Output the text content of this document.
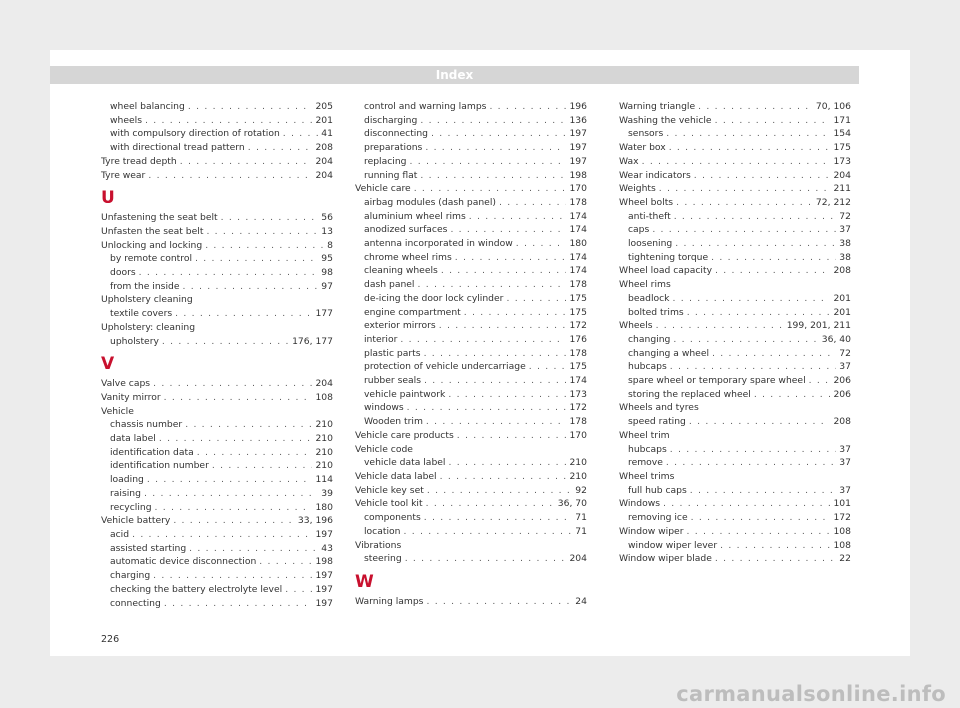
Index
wheel balancing . . .	205
wheels . . .	201
with compulsory direction of rotation . . .	41
with directional tread pattern . . .	208
Tyre tread depth . . .	204
Tyre wear . . .	204
U
Unfastening the seat belt . . .	56
Unfasten the seat belt . . .	13
Unlocking and locking . . .	8
by remote control . . .	95
doors . . .	98
from the inside . . .	97
Upholstery cleaning
textile covers . . .	177
Upholstery: cleaning
upholstery . . .	176, 177
V
Valve caps . . .	204
Vanity mirror . . .	108
Vehicle
chassis number . . .	210
data label . . .	210
identification data . . .	210
identification number . . .	210
loading . . .	114
raising . . .	39
recycling . . .	180
Vehicle battery . . .	33, 196
acid . . .	197
assisted starting . . .	43
automatic device disconnection . . .	198
charging . . .	197
checking the battery electrolyte level . . .	197
connecting . . .	197
control and warning lamps . . .	196
discharging . . .	136
disconnecting . . .	197
preparations . . .	197
replacing . . .	197
running flat . . .	198
Vehicle care . . .	170
airbag modules (dash panel) . . .	178
aluminium wheel rims . . .	174
anodized surfaces . . .	174
antenna incorporated in window . . .	180
chrome wheel rims . . .	174
cleaning wheels . . .	174
dash panel . . .	178
de-icing the door lock cylinder . . .	175
engine compartment . . .	175
exterior mirrors . . .	172
interior . . .	176
plastic parts . . .	178
protection of vehicle undercarriage . . .	175
rubber seals . . .	174
vehicle paintwork . . .	173
windows . . .	172
Wooden trim . . .	178
Vehicle care products . . .	170
Vehicle code
vehicle data label . . .	210
Vehicle data label . . .	210
Vehicle key set . . .	92
Vehicle tool kit . . .	36, 70
components . . .	71
location . . .	71
Vibrations
steering . . .	204
W
Warning lamps . . .	24
Warning triangle . . .	70, 106
Washing the vehicle . . .	171
sensors . . .	154
Water box . . .	175
Wax . . .	173
Wear indicators . . .	204
Weights . . .	211
Wheel bolts . . .	72, 212
anti-theft . . .	72
caps . . .	37
loosening . . .	38
tightening torque . . .	38
Wheel load capacity . . .	208
Wheel rims
beadlock . . .	201
bolted trims . . .	201
Wheels . . .	199, 201, 211
changing . . .	36, 40
changing a wheel . . .	72
hubcaps . . .	37
spare wheel or temporary spare wheel . . .	206
storing the replaced wheel . . .	206
Wheels and tyres
speed rating . . .	208
Wheel trim
hubcaps . . .	37
remove . . .	37
Wheel trims
full hub caps . . .	37
Windows . . .	101
removing ice . . .	172
Window wiper . . .	108
window wiper lever . . .	108
Window wiper blade . . .	22
226
carmanualsonline.info
